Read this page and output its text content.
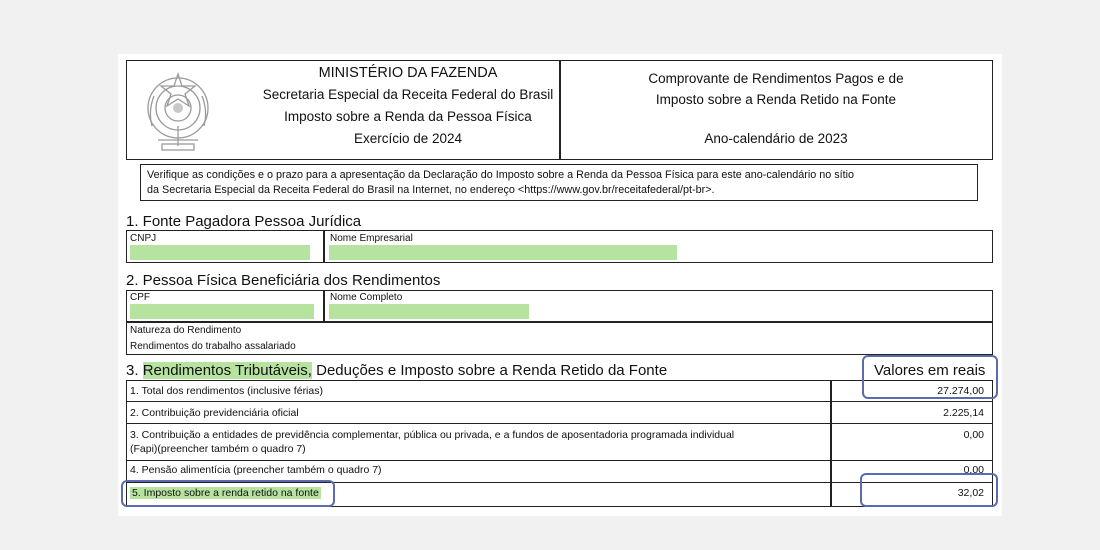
MINISTÉRIO DA FAZENDA
Secretaria Especial da Receita Federal do Brasil
Imposto sobre a Renda da Pessoa Física
Exercício de 2024
Comprovante de Rendimentos Pagos e de
Imposto sobre a Renda Retido na Fonte
Ano-calendário de 2023
Verifique as condições e o prazo para a apresentação da Declaração do Imposto sobre a Renda da Pessoa Física para este ano-calendário no sítio
da Secretaria Especial da Receita Federal do Brasil na Internet, no endereço <https://www.gov.br/receitafederal/pt-br>.
1. Fonte Pagadora Pessoa Jurídica
CNPJ	Nome Empresarial
2. Pessoa Física Beneficiária dos Rendimentos
CPF	Nome Completo
Natureza do Rendimento
Rendimentos do trabalho assalariado
3. Rendimentos Tributáveis, Deduções e Imposto sobre a Renda Retido da Fonte	Valores em reais
1. Total dos rendimentos (inclusive férias)	27.274,00
2. Contribuição previdenciária oficial	2.225,14
3. Contribuição a entidades de previdência complementar, pública ou privada, e a fundos de aposentadoria programada individual
(Fapi)(preencher também o quadro 7)
0,00
4. Pensão alimentícia (preencher também o quadro 7)	0,00
5. Imposto sobre a renda retido na fonte	32,02
